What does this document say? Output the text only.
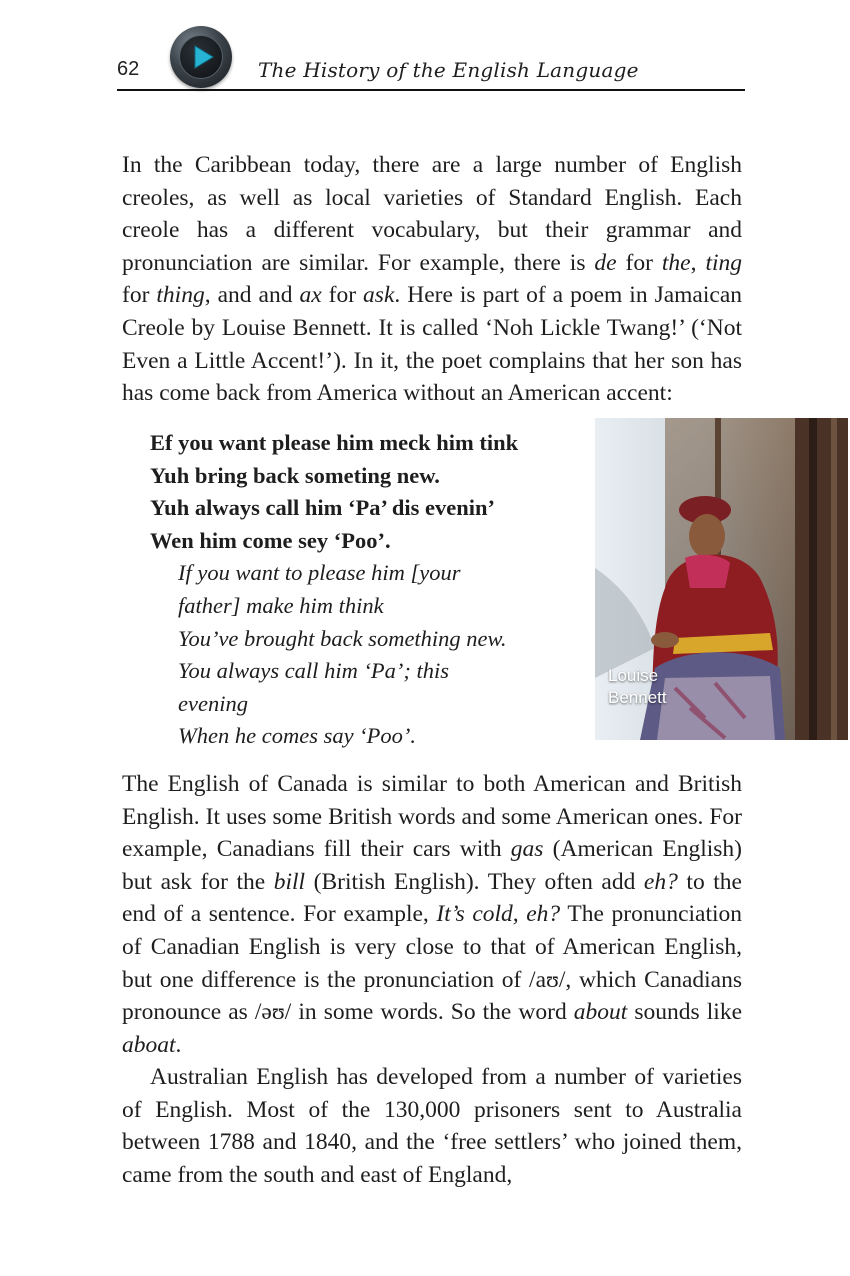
62	The History of the English Language

In the Caribbean today, there are a large number of English creoles, as well as local varieties of Standard English. Each creole has a different vocabulary, but their grammar and pronunciation are similar. For example, there is de for the, ting for thing, and and ax for ask. Here is part of a poem in Jamaican Creole by Louise Bennett. It is called ‘Noh Lickle Twang!’ (‘Not Even a Little Accent!’). In it, the poet complains that her son has has come back from America without an American accent:

Ef you want please him meck him tink
Yuh bring back someting new.
Yuh always call him ‘Pa’ dis evenin’
Wen him come sey ‘Poo’.
If you want to please him [your
father] make him think
You’ve brought back something new.
You always call him ‘Pa’; this
evening
When he comes say ‘Poo’.
Louise
Bennett

The English of Canada is similar to both American and British English. It uses some British words and some American ones. For example, Canadians fill their cars with gas (American English) but ask for the bill (British English). They often add eh? to the end of a sentence. For example, It’s cold, eh? The pronunciation of Canadian English is very close to that of American English, but one difference is the pronunciation of /aʊ/, which Canadians pronounce as /əʊ/ in some words. So the word about sounds like aboat.

Australian English has developed from a number of varieties of English. Most of the 130,000 prisoners sent to Australia between 1788 and 1840, and the ‘free settlers’ who joined them, came from the south and east of England,
